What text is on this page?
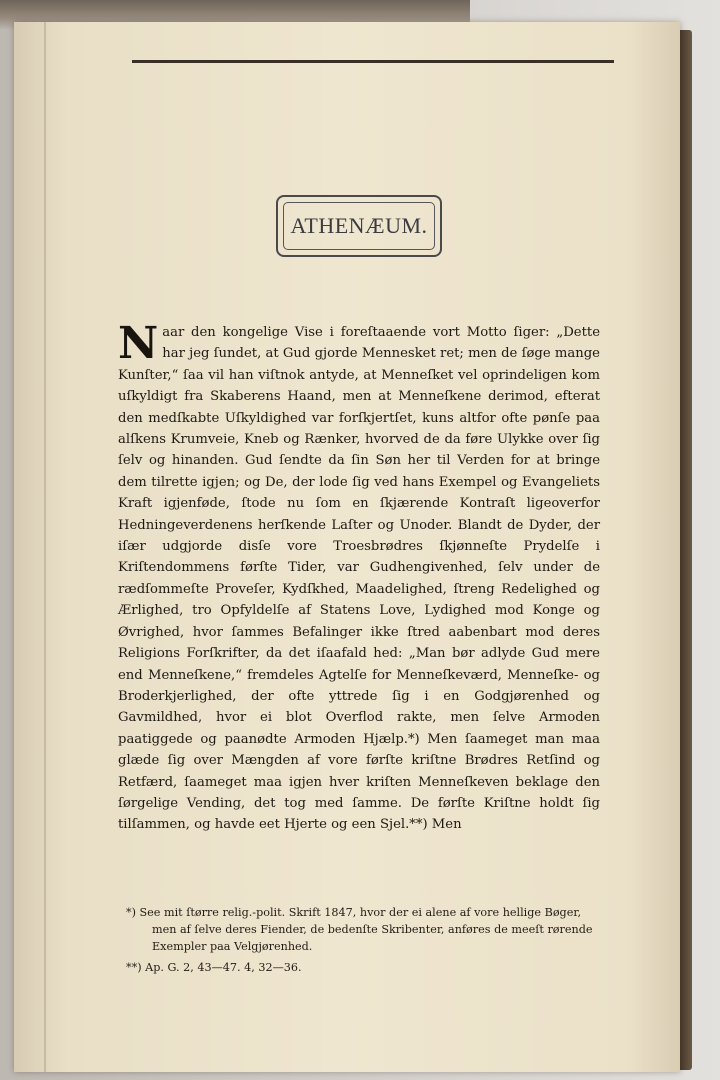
ATHENÆUM.

Naar den kongelige Vise i foreſtaaende vort Motto ſiger: „Dette har jeg ſundet, at Gud gjorde Mennesket ret; men de ſøge mange Kunſter,“ ſaa vil han viſtnok antyde, at Menneſket vel oprindeligen kom uſkyldigt fra Skaberens Haand, men at Menneſkene derimod, efterat den medſkabte Uſkyldighed var forſkjertſet, kuns altfor ofte pønſe paa alſkens Krumveie, Kneb og Rænker, hvorved de da føre Ulykke over ſig ſelv og hinanden. Gud ſendte da ſin Søn her til Verden for at bringe dem tilrette igjen; og De, der lode ſig ved hans Exempel og Evangeliets Kraft igjenføde, ſtode nu ſom en ſkjærende Kontraſt ligeoverfor Hedningeverdenens herſkende Laſter og Unoder. Blandt de Dyder, der iſær udgjorde disſe vore Troesbrødres ſkjønneſte Prydelſe i Kriſtendommens førſte Tider, var Gudhengivenhed, ſelv under de rædſommeſte Proveſer, Kydſkhed, Maadelighed, ſtreng Redelighed og Ærlighed, tro Opfyldelſe af Statens Love, Lydighed mod Konge og Øvrighed, hvor ſammes Befalinger ikke ſtred aabenbart mod deres Religions Forſkrifter, da det iſaafald hed: „Man bør adlyde Gud mere end Menneſkene,“ fremdeles Agtelſe for Menneſkeværd, Menneſke- og Broderkjerlighed, der ofte yttrede ſig i en Godgjørenhed og Gavmildhed, hvor ei blot Overflod rakte, men ſelve Armoden paatiggede og paanødte Armoden Hjælp.*) Men ſaameget man maa glæde ſig over Mængden af vore førſte kriſtne Brødres Retſind og Retfærd, ſaameget maa igjen hver kriſten Menneſkeven beklage den ſørgelige Vending, det tog med ſamme. De førſte Kriſtne holdt ſig tilſammen, og havde eet Hjerte og een Sjel.**) Men

*) See mit ſtørre relig.-polit. Skrift 1847, hvor der ei alene af vore hellige Bøger, men af ſelve deres Fiender, de bedenſte Skribenter, anføres de meeſt rørende Exempler paa Velgjørenhed.

**) Ap. G. 2, 43—47. 4, 32—36.
